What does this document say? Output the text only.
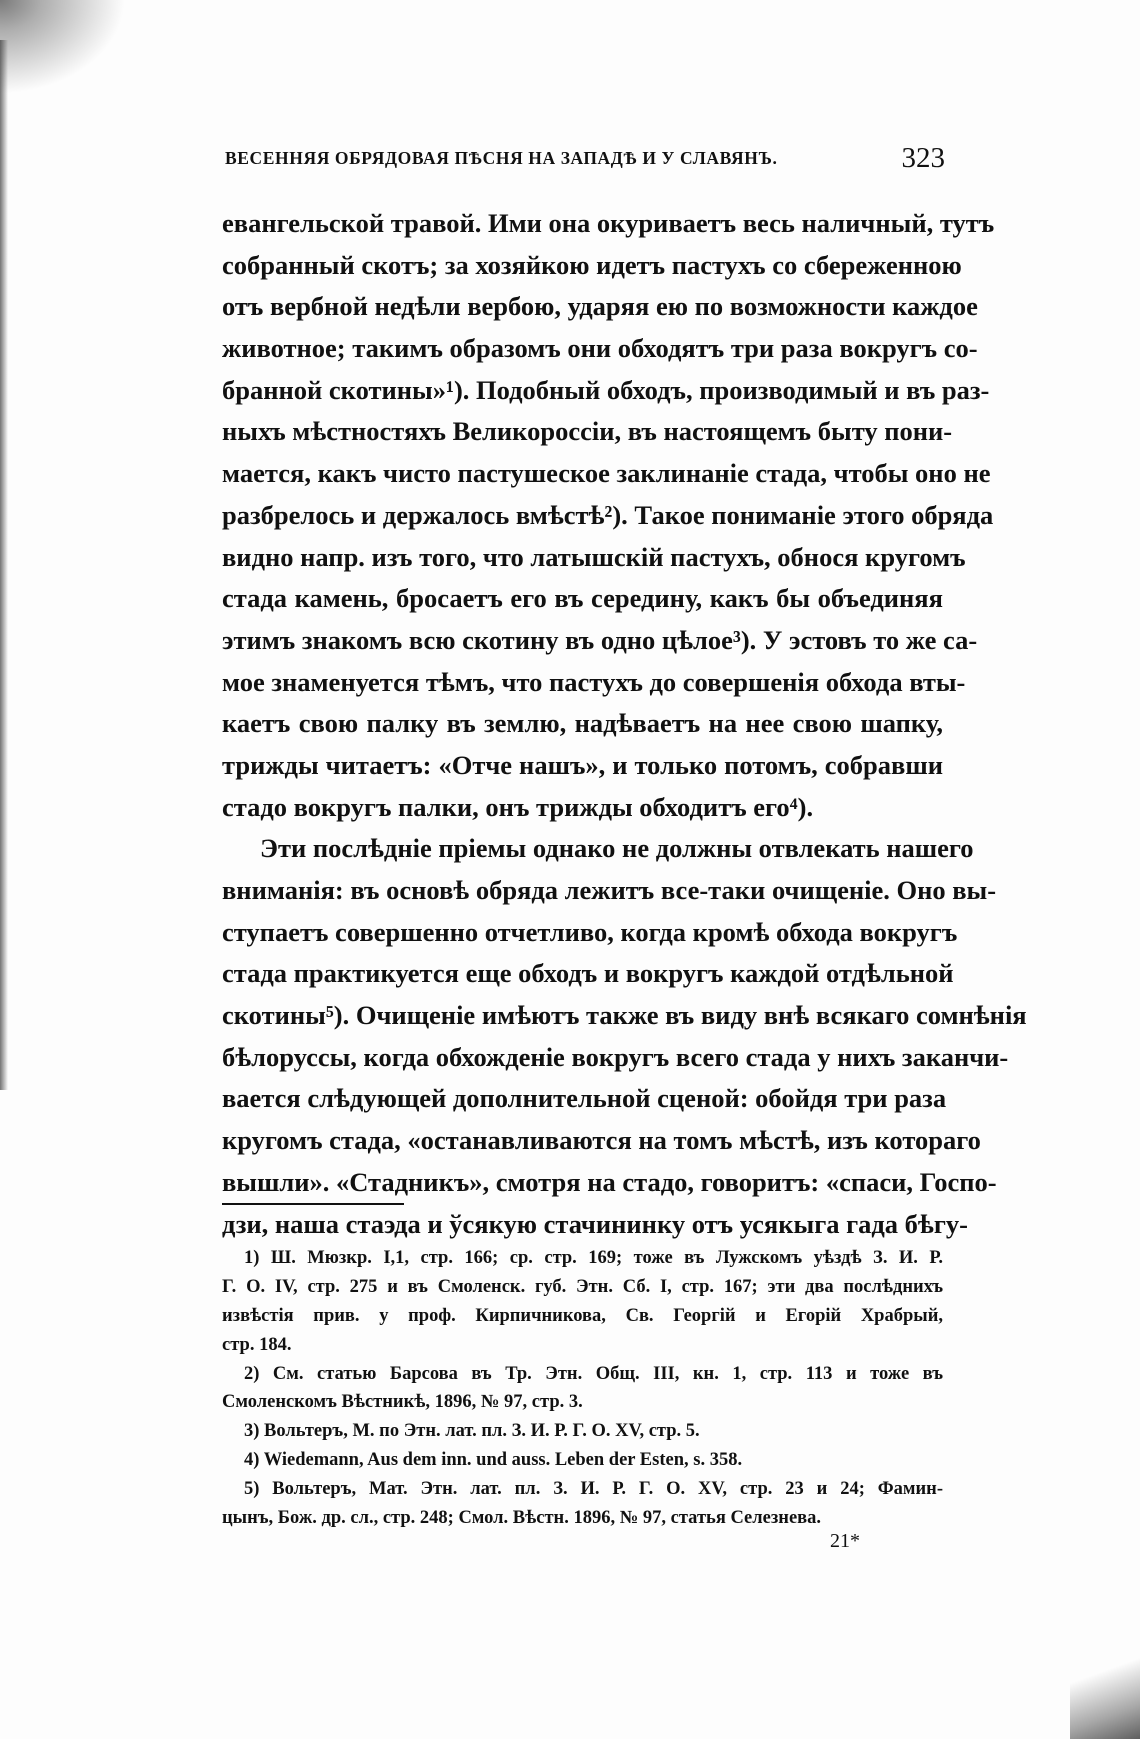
ВЕСЕННЯЯ ОБРЯДОВАЯ ПѢСНЯ НА ЗАПАДѢ И У СЛАВЯНЪ.	323
евангельской травой. Ими она окуриваетъ весь наличный, тутъ
собранный скотъ; за хозяйкою идетъ пастухъ со сбереженною
отъ вербной недѣли вербою, ударяя ею по возможности каждое
животное; такимъ образомъ они обходятъ три раза вокругъ со-
бранной скотины»¹). Подобный обходъ, производимый и въ раз-
ныхъ мѣстностяхъ Великороссіи, въ настоящемъ быту пони-
мается, какъ чисто пастушеское заклинаніе стада, чтобы оно не
разбрелось и держалось вмѣстѣ²). Такое пониманіе этого обряда
видно напр. изъ того, что латышскій пастухъ, обнося кругомъ
стада камень, бросаетъ его въ середину, какъ бы объединяя
этимъ знакомъ всю скотину въ одно цѣлое³). У эстовъ то же са-
мое знаменуется тѣмъ, что пастухъ до совершенія обхода вты-
каетъ свою палку въ землю, надѣваетъ на нее свою шапку,
трижды читаетъ: «Отче нашъ», и только потомъ, собравши
стадо вокругъ палки, онъ трижды обходитъ его⁴).
Эти послѣдніе пріемы однако не должны отвлекать нашего
вниманія: въ основѣ обряда лежитъ все-таки очищеніе. Оно вы-
ступаетъ совершенно отчетливо, когда кромѣ обхода вокругъ
стада практикуется еще обходъ и вокругъ каждой отдѣльной
скотины⁵). Очищеніе имѣютъ также въ виду внѣ всякаго сомнѣнія
бѣлоруссы, когда обхожденіе вокругъ всего стада у нихъ заканчи-
вается слѣдующей дополнительной сценой: обойдя три раза
кругомъ стада, «останавливаются на томъ мѣстѣ, изъ котораго
вышли». «Стадникъ», смотря на стадо, говоритъ: «спаси, Госпо-
дзи, наша стаэда и ўсякую стачининку отъ усякыга гада бѣгу-
1) Ш. Мюзкр. I,1, стр. 166; ср. стр. 169; тоже въ Лужскомъ уѣздѣ З. И. Р.
Г. О. IV, стр. 275 и въ Смоленск. губ. Этн. Сб. I, стр. 167; эти два послѣднихъ
извѣстія прив. у проф. Кирпичникова, Св. Георгій и Егорій Храбрый,
стр. 184.
2) См. статью Барсова въ Тр. Этн. Общ. III, кн. 1, стр. 113 и тоже въ
Смоленскомъ Вѣстникѣ, 1896, № 97, стр. 3.
3) Вольтеръ, М. по Этн. лат. пл. З. И. Р. Г. О. XV, стр. 5.
4) Wiedemann, Aus dem inn. und auss. Leben der Esten, s. 358.
5) Вольтеръ, Мат. Этн. лат. пл. З. И. Р. Г. О. XV, стр. 23 и 24; Фамин-
цынъ, Бож. др. сл., стр. 248; Смол. Вѣстн. 1896, № 97, статья Селезнева.
21*
